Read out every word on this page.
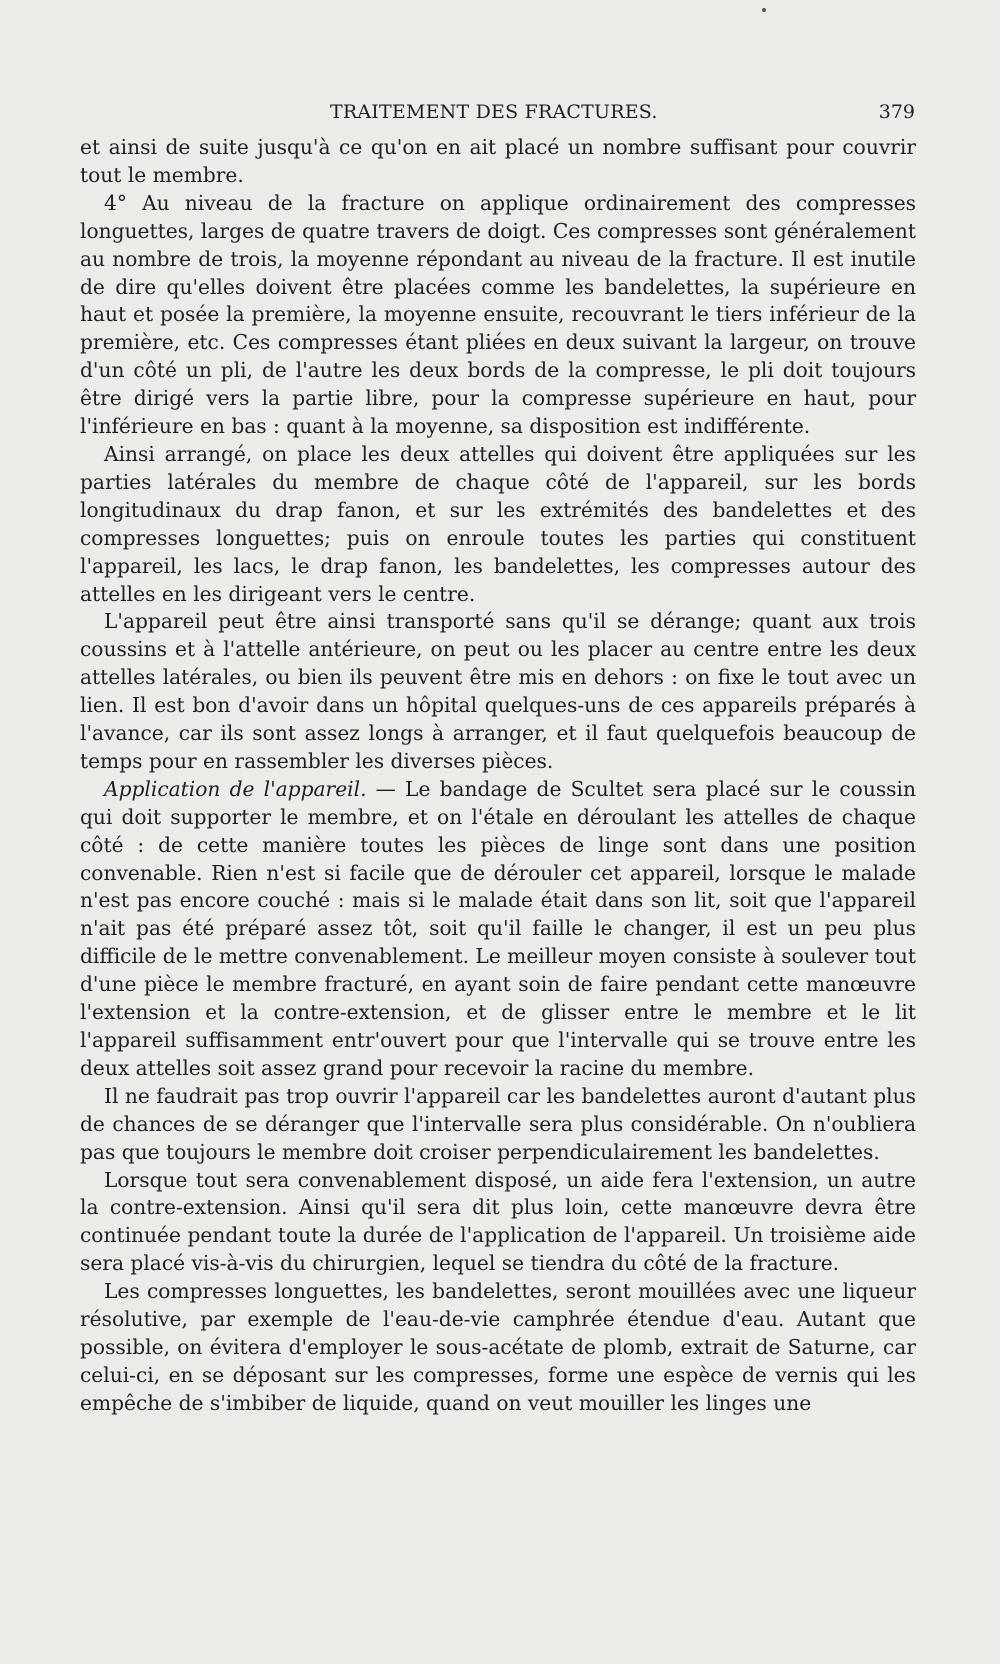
TRAITEMENT DES FRACTURES.	379

et ainsi de suite jusqu'à ce qu'on en ait placé un nombre suffisant pour couvrir tout le membre.

4° Au niveau de la fracture on applique ordinairement des compresses longuettes, larges de quatre travers de doigt. Ces compresses sont généralement au nombre de trois, la moyenne répondant au niveau de la fracture. Il est inutile de dire qu'elles doivent être placées comme les bandelettes, la supérieure en haut et posée la première, la moyenne ensuite, recouvrant le tiers inférieur de la première, etc. Ces compresses étant pliées en deux suivant la largeur, on trouve d'un côté un pli, de l'autre les deux bords de la compresse, le pli doit toujours être dirigé vers la partie libre, pour la compresse supérieure en haut, pour l'inférieure en bas : quant à la moyenne, sa disposition est indifférente.

Ainsi arrangé, on place les deux attelles qui doivent être appliquées sur les parties latérales du membre de chaque côté de l'appareil, sur les bords longitudinaux du drap fanon, et sur les extrémités des bandelettes et des compresses longuettes; puis on enroule toutes les parties qui constituent l'appareil, les lacs, le drap fanon, les bandelettes, les compresses autour des attelles en les dirigeant vers le centre.

L'appareil peut être ainsi transporté sans qu'il se dérange; quant aux trois coussins et à l'attelle antérieure, on peut ou les placer au centre entre les deux attelles latérales, ou bien ils peuvent être mis en dehors : on fixe le tout avec un lien. Il est bon d'avoir dans un hôpital quelques-uns de ces appareils préparés à l'avance, car ils sont assez longs à arranger, et il faut quelquefois beaucoup de temps pour en rassembler les diverses pièces.

Application de l'appareil. — Le bandage de Scultet sera placé sur le coussin qui doit supporter le membre, et on l'étale en déroulant les attelles de chaque côté : de cette manière toutes les pièces de linge sont dans une position convenable. Rien n'est si facile que de dérouler cet appareil, lorsque le malade n'est pas encore couché : mais si le malade était dans son lit, soit que l'appareil n'ait pas été préparé assez tôt, soit qu'il faille le changer, il est un peu plus difficile de le mettre convenablement. Le meilleur moyen consiste à soulever tout d'une pièce le membre fracturé, en ayant soin de faire pendant cette manœuvre l'extension et la contre-extension, et de glisser entre le membre et le lit l'appareil suffisamment entr'ouvert pour que l'intervalle qui se trouve entre les deux attelles soit assez grand pour recevoir la racine du membre.

Il ne faudrait pas trop ouvrir l'appareil car les bandelettes auront d'autant plus de chances de se déranger que l'intervalle sera plus considérable. On n'oubliera pas que toujours le membre doit croiser perpendiculairement les bandelettes.

Lorsque tout sera convenablement disposé, un aide fera l'extension, un autre la contre-extension. Ainsi qu'il sera dit plus loin, cette manœuvre devra être continuée pendant toute la durée de l'application de l'appareil. Un troisième aide sera placé vis-à-vis du chirurgien, lequel se tiendra du côté de la fracture.

Les compresses longuettes, les bandelettes, seront mouillées avec une liqueur résolutive, par exemple de l'eau-de-vie camphrée étendue d'eau. Autant que possible, on évitera d'employer le sous-acétate de plomb, extrait de Saturne, car celui-ci, en se déposant sur les compresses, forme une espèce de vernis qui les empêche de s'imbiber de liquide, quand on veut mouiller les linges une
